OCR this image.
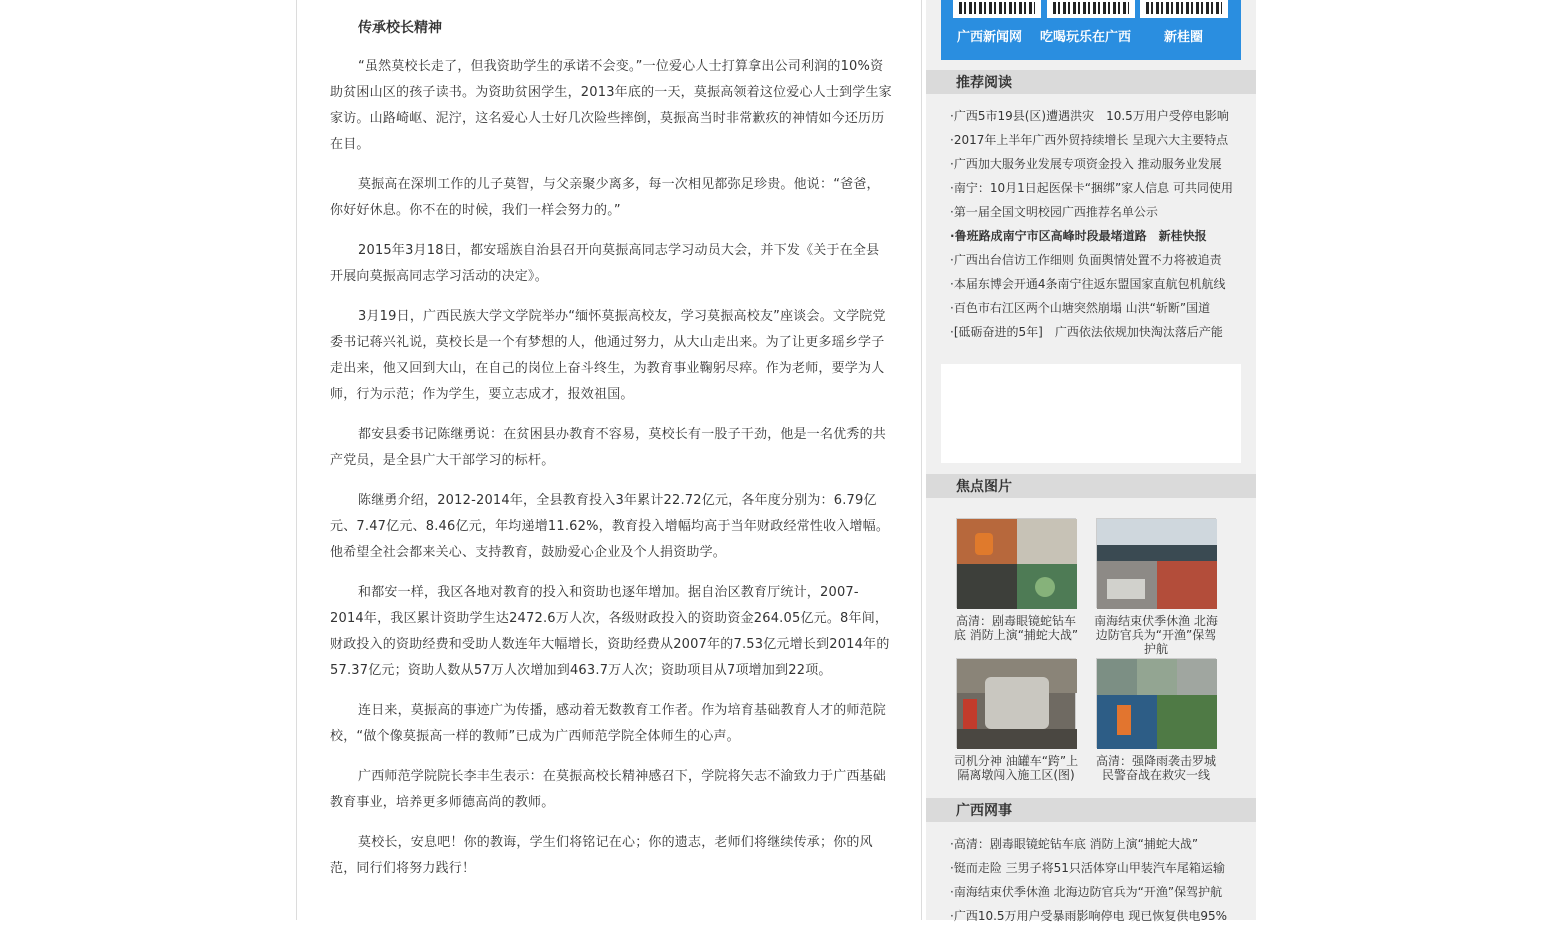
传承校长精神

“虽然莫校长走了，但我资助学生的承诺不会变。”一位爱心人士打算拿出公司利润的10%资助贫困山区的孩子读书。为资助贫困学生，2013年底的一天，莫振高领着这位爱心人士到学生家家访。山路崎岖、泥泞，这名爱心人士好几次险些摔倒，莫振高当时非常歉疚的神情如今还历历在目。

莫振高在深圳工作的儿子莫智，与父亲聚少离多，每一次相见都弥足珍贵。他说：“爸爸，你好好休息。你不在的时候，我们一样会努力的。”

2015年3月18日，都安瑶族自治县召开向莫振高同志学习动员大会，并下发《关于在全县开展向莫振高同志学习活动的决定》。

3月19日，广西民族大学文学院举办“缅怀莫振高校友，学习莫振高校友”座谈会。文学院党委书记蒋兴礼说，莫校长是一个有梦想的人，他通过努力，从大山走出来。为了让更多瑶乡学子走出来，他又回到大山，在自己的岗位上奋斗终生，为教育事业鞠躬尽瘁。作为老师，要学为人师，行为示范；作为学生，要立志成才，报效祖国。

都安县委书记陈继勇说：在贫困县办教育不容易，莫校长有一股子干劲，他是一名优秀的共产党员，是全县广大干部学习的标杆。

陈继勇介绍，2012-2014年，全县教育投入3年累计22.72亿元，各年度分别为：6.79亿元、7.47亿元、8.46亿元，年均递增11.62%，教育投入增幅均高于当年财政经常性收入增幅。他希望全社会都来关心、支持教育，鼓励爱心企业及个人捐资助学。

和都安一样，我区各地对教育的投入和资助也逐年增加。据自治区教育厅统计，2007-2014年，我区累计资助学生达2472.6万人次，各级财政投入的资助资金264.05亿元。8年间，财政投入的资助经费和受助人数连年大幅增长，资助经费从2007年的7.53亿元增长到2014年的57.37亿元；资助人数从57万人次增加到463.7万人次；资助项目从7项增加到22项。

连日来，莫振高的事迹广为传播，感动着无数教育工作者。作为培育基础教育人才的师范院校，“做个像莫振高一样的教师”已成为广西师范学院全体师生的心声。

广西师范学院院长李丰生表示：在莫振高校长精神感召下，学院将矢志不渝致力于广西基础教育事业，培养更多师德高尚的教师。

莫校长，安息吧！你的教诲，学生们将铭记在心；你的遗志，老师们将继续传承；你的风范，同行们将努力践行！

广西新闻网 吃喝玩乐在广西	新桂圈
推荐阅读
·广西5市19县(区)遭遇洪灾　10.5万用户受停电影响
·2017年上半年广西外贸持续增长 呈现六大主要特点
·广西加大服务业发展专项资金投入 推动服务业发展
·南宁：10月1日起医保卡“捆绑”家人信息 可共同使用
·第一届全国文明校园广西推荐名单公示
·鲁班路成南宁市区高峰时段最堵道路　新桂快报
·广西出台信访工作细则 负面舆情处置不力将被追责
·本届东博会开通4条南宁往返东盟国家直航包机航线
·百色市右江区两个山塘突然崩塌 山洪“斩断”国道
·[砥砺奋进的5年]　广西依法依规加快淘汰落后产能
焦点图片
高清：剧毒眼镜蛇钻车底 消防上演“捕蛇大战”
南海结束伏季休渔 北海边防官兵为“开渔”保驾护航
司机分神 油罐车“跨”上隔离墩闯入施工区(图)
高清：强降雨袭击罗城 民警奋战在救灾一线
广西网事
·高清：剧毒眼镜蛇钻车底 消防上演“捕蛇大战”
·铤而走险 三男子将51只活体穿山甲装汽车尾箱运输
·南海结束伏季休渔 北海边防官兵为“开渔”保驾护航
·广西10.5万用户受暴雨影响停电 现已恢复供电95%
